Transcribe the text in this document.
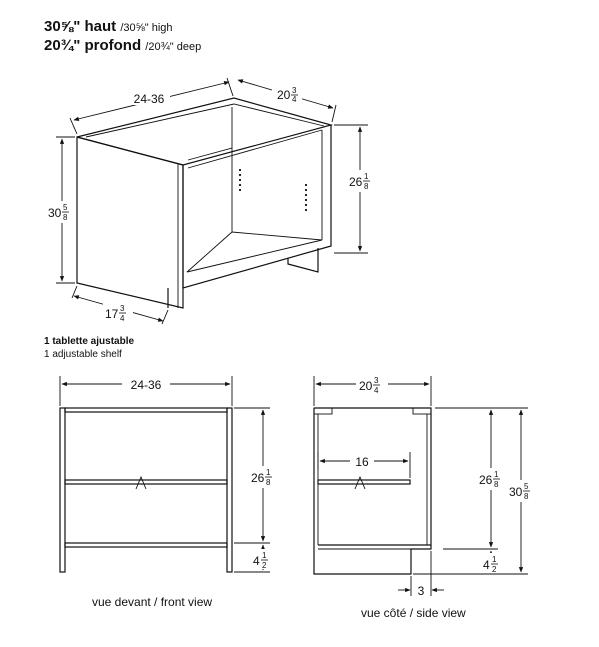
30⅝" haut /30⅝" high
20¾" profond /20¾" deep
1 tablette ajustable
1 adjustable shelf
vue devant / front view
vue côté / side view
24-36	20 3
4
26 1
8
30 5
8
17 3
4
24-36
26 1
8
4 1
2
20 3
4
16
26 1
8
4 1
2
30 5
8
3
